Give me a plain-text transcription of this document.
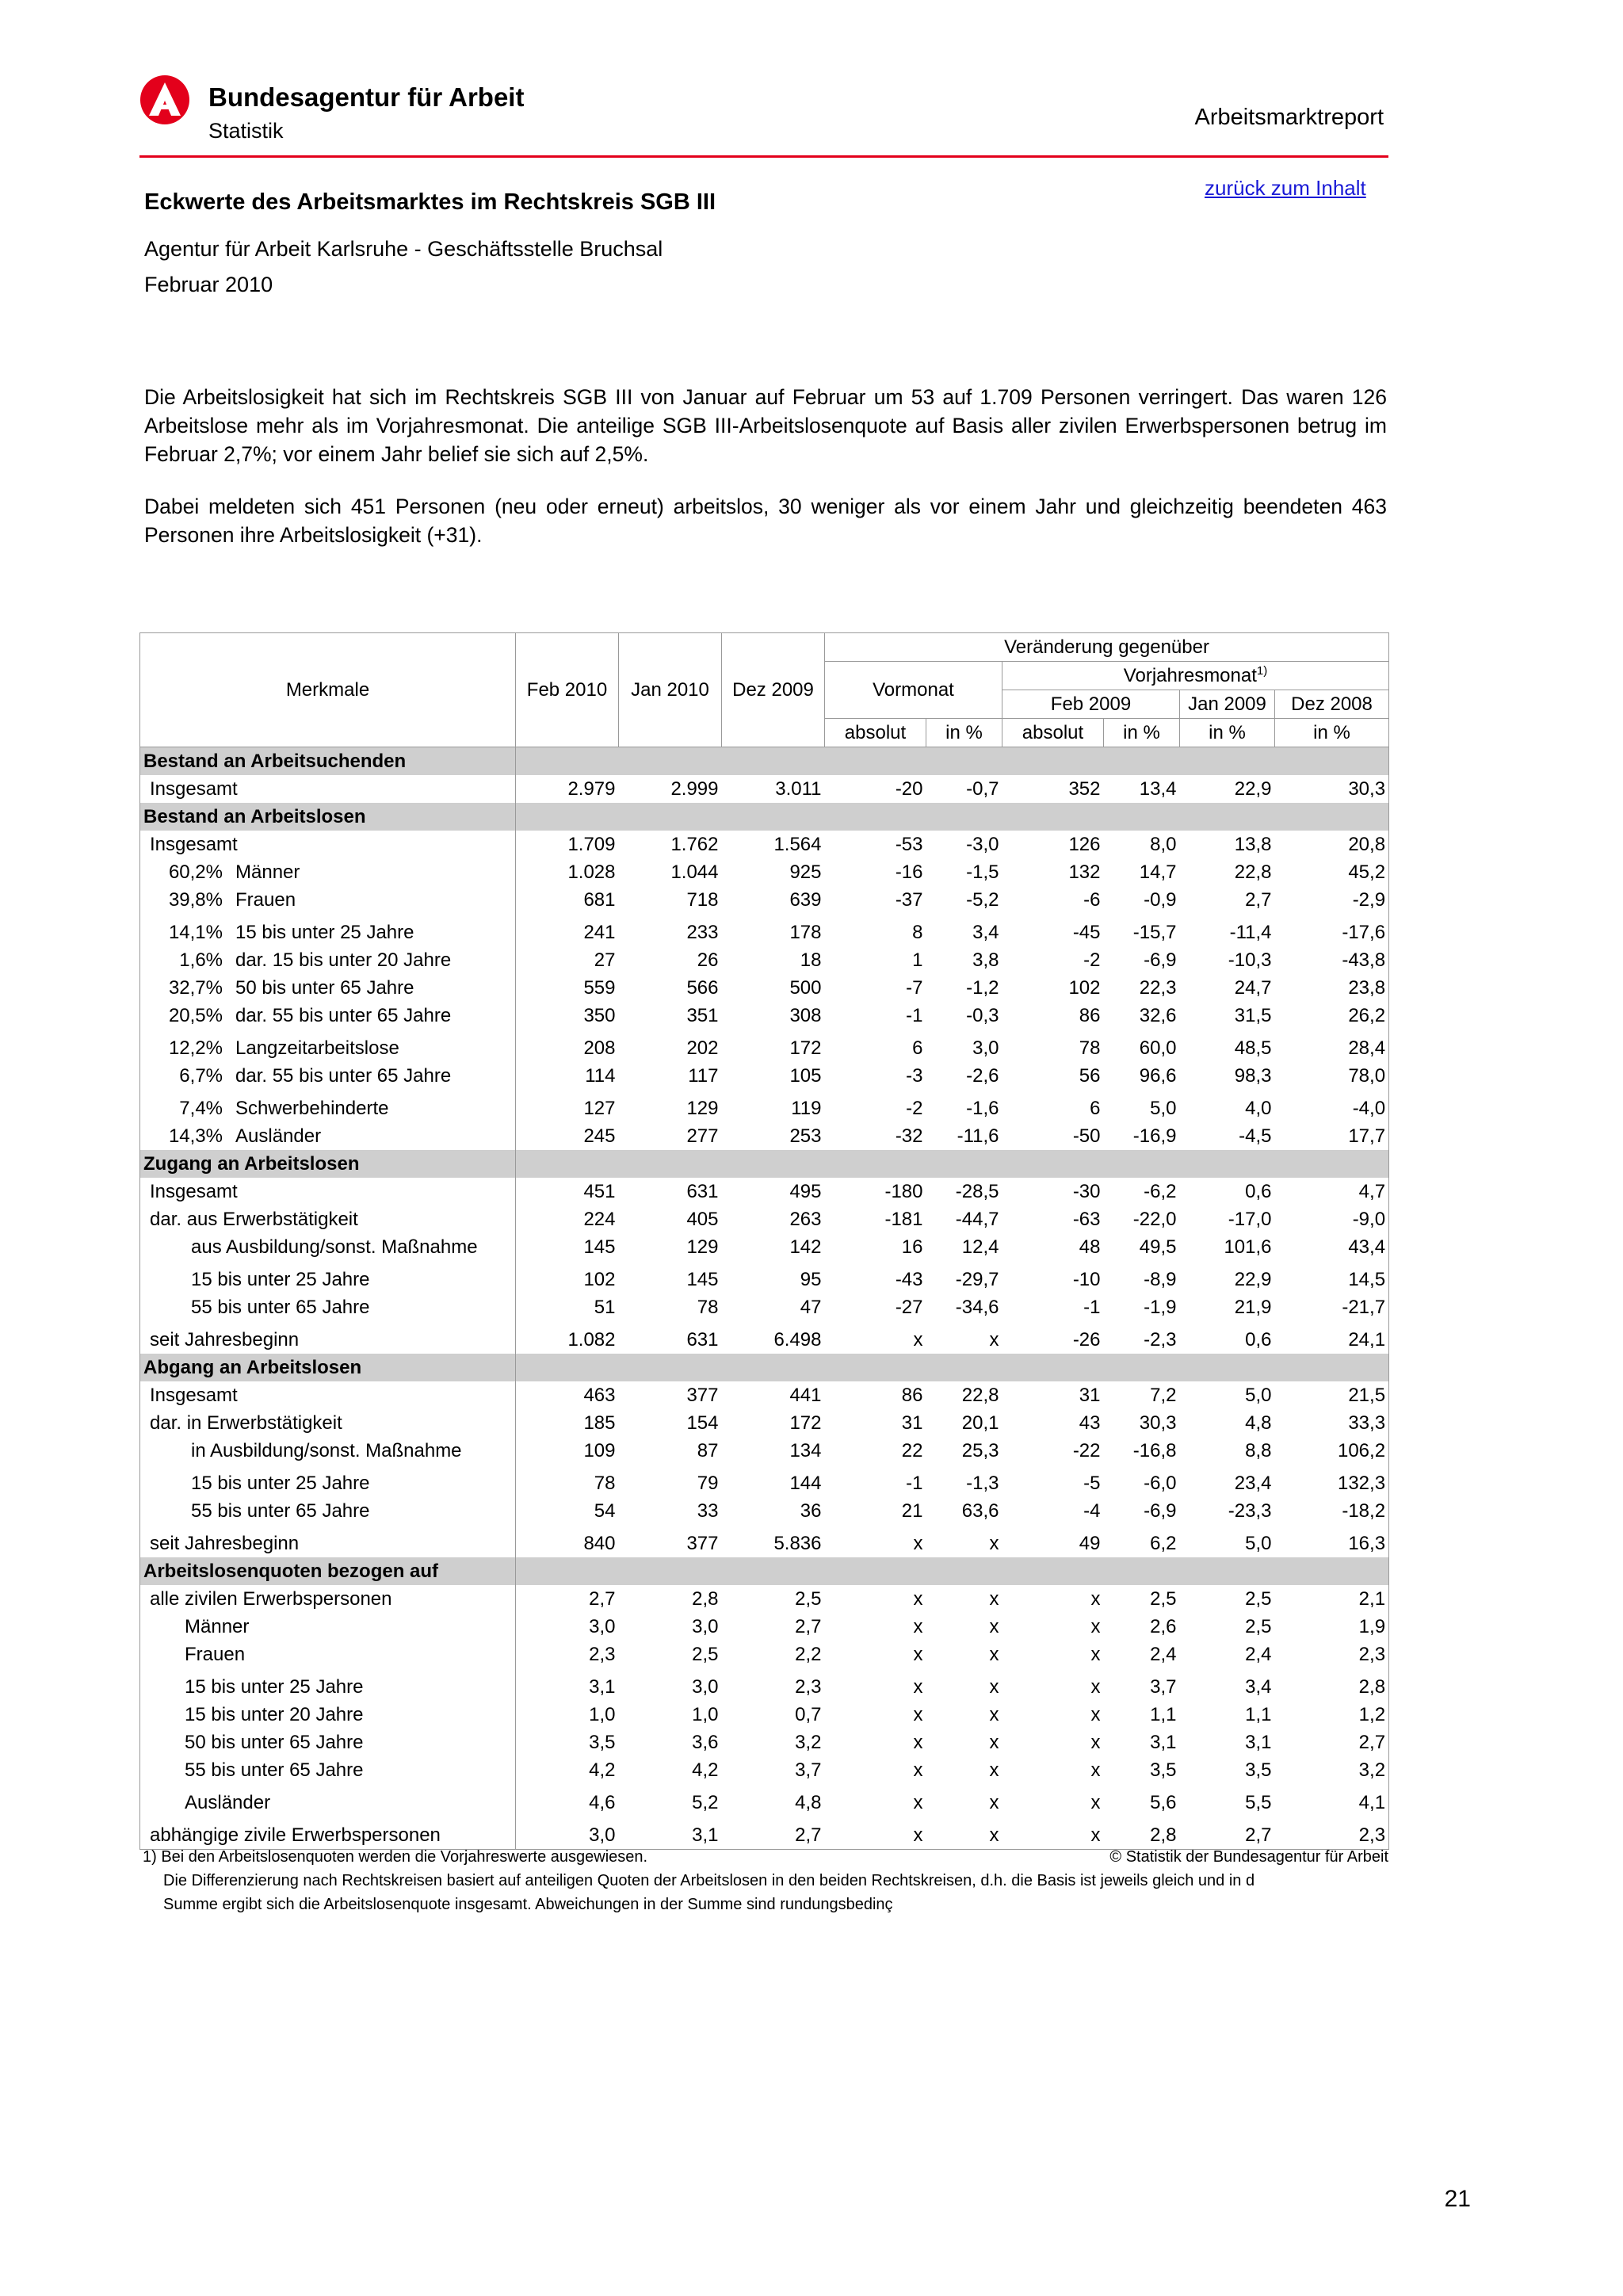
Bundesagentur für Arbeit
Statistik
Arbeitsmarktreport
zurück zum Inhalt
Eckwerte des Arbeitsmarktes im Rechtskreis SGB III
Agentur für Arbeit Karlsruhe - Geschäftsstelle Bruchsal
Februar 2010

Die Arbeitslosigkeit hat sich im Rechtskreis SGB III von Januar auf Februar um 53 auf 1.709 Personen verringert. Das waren 126 Arbeitslose mehr als im Vorjahresmonat. Die anteilige SGB III-Arbeitslosenquote auf Basis aller zivilen Erwerbspersonen betrug im Februar 2,7%; vor einem Jahr belief sie sich auf 2,5%.

Dabei meldeten sich 451 Personen (neu oder erneut) arbeitslos, 30 weniger als vor einem Jahr und gleichzeitig beendeten 463 Personen ihre Arbeitslosigkeit (+31).

Merkmale	Feb 2010	Jan 2010	Dez 2009	Veränderung gegenüber					
				Vormonat		Vorjahresmonat$^{1)}$
						Feb 2009		Jan 2009	Dez 2008
				absolut	in %	absolut	in %	in %	in %
Bestand an Arbeitsuchenden									
Insgesamt	2.979	2.999	3.011	-20	-0,7	352	13,4	22,9	30,3
Bestand an Arbeitslosen									
Insgesamt	1.709	1.762	1.564	-53	-3,0	126	8,0	13,8	20,8
60,2% Männer	1.028	1.044	925	-16	-1,5	132	14,7	22,8	45,2
39,8% Frauen	681	718	639	-37	-5,2	-6	-0,9	2,7	-2,9

14,1% 15 bis unter 25 Jahre	241	233	178	8	3,4	-45	-15,7	-11,4	-17,6
1,6% dar. 15 bis unter 20 Jahre	27	26	18	1	3,8	-2	-6,9	-10,3	-43,8
32,7% 50 bis unter 65 Jahre	559	566	500	-7	-1,2	102	22,3	24,7	23,8
20,5% dar. 55 bis unter 65 Jahre	350	351	308	-1	-0,3	86	32,6	31,5	26,2

12,2% Langzeitarbeitslose	208	202	172	6	3,0	78	60,0	48,5	28,4
6,7% dar. 55 bis unter 65 Jahre	114	117	105	-3	-2,6	56	96,6	98,3	78,0

7,4% Schwerbehinderte	127	129	119	-2	-1,6	6	5,0	4,0	-4,0
14,3% Ausländer	245	277	253	-32	-11,6	-50	-16,9	-4,5	17,7
Zugang an Arbeitslosen									
Insgesamt	451	631	495	-180	-28,5	-30	-6,2	0,6	4,7
dar. aus Erwerbstätigkeit	224	405	263	-181	-44,7	-63	-22,0	-17,0	-9,0
aus Ausbildung/sonst. Maßnahme	145	129	142	16	12,4	48	49,5	101,6	43,4

15 bis unter 25 Jahre	102	145	95	-43	-29,7	-10	-8,9	22,9	14,5
55 bis unter 65 Jahre	51	78	47	-27	-34,6	-1	-1,9	21,9	-21,7

seit Jahresbeginn	1.082	631	6.498	x	x	-26	-2,3	0,6	24,1
Abgang an Arbeitslosen									
Insgesamt	463	377	441	86	22,8	31	7,2	5,0	21,5
dar. in Erwerbstätigkeit	185	154	172	31	20,1	43	30,3	4,8	33,3
in Ausbildung/sonst. Maßnahme	109	87	134	22	25,3	-22	-16,8	8,8	106,2

15 bis unter 25 Jahre	78	79	144	-1	-1,3	-5	-6,0	23,4	132,3
55 bis unter 65 Jahre	54	33	36	21	63,6	-4	-6,9	-23,3	-18,2

seit Jahresbeginn	840	377	5.836	x	x	49	6,2	5,0	16,3
Arbeitslosenquoten bezogen auf									
alle zivilen Erwerbspersonen	2,7	2,8	2,5	x	x	x	2,5	2,5	2,1
Männer	3,0	3,0	2,7	x	x	x	2,6	2,5	1,9
Frauen	2,3	2,5	2,2	x	x	x	2,4	2,4	2,3

15 bis unter 25 Jahre	3,1	3,0	2,3	x	x	x	3,7	3,4	2,8
15 bis unter 20 Jahre	1,0	1,0	0,7	x	x	x	1,1	1,1	1,2
50 bis unter 65 Jahre	3,5	3,6	3,2	x	x	x	3,1	3,1	2,7
55 bis unter 65 Jahre	4,2	4,2	3,7	x	x	x	3,5	3,5	3,2

Ausländer	4,6	5,2	4,8	x	x	x	5,6	5,5	4,1

abhängige zivile Erwerbspersonen	3,0	3,1	2,7	x	x	x	2,8	2,7	2,3
1) Bei den Arbeitslosenquoten werden die Vorjahreswerte ausgewiesen.	© Statistik der Bundesagentur für Arbeit
Die Differenzierung nach Rechtskreisen basiert auf anteiligen Quoten der Arbeitslosen in den beiden Rechtskreisen, d.h. die Basis ist jeweils gleich und in d
Summe ergibt sich die Arbeitslosenquote insgesamt. Abweichungen in der Summe sind rundungsbedinç
21
